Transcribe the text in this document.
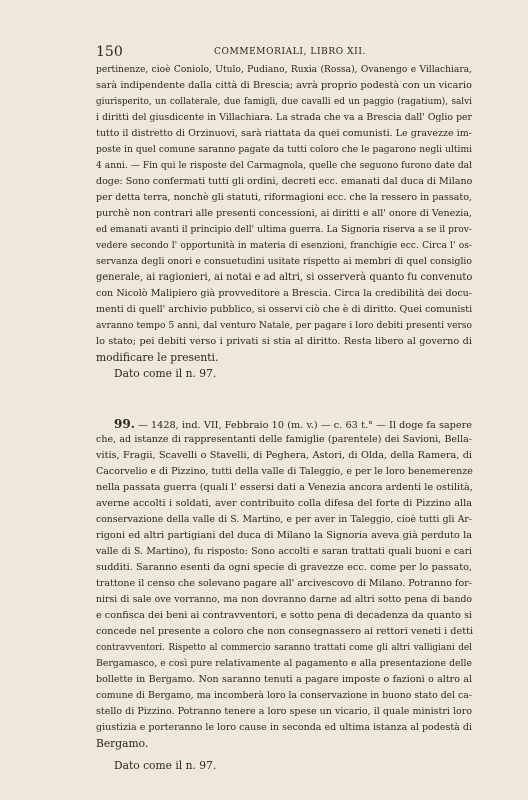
150	COMMEMORIALI, LIBRO XII.
pertinenze, cioè Coniolo, Utulo, Pudiano, Ruxia (Rossa), Ovanengo e Villachiara,
sarà indipendente dalla città di Brescia; avrà proprio podestà con un vicario
giurisperito, un collaterale, due famigli, due cavalli ed un paggio (ragatium), salvi
i diritti del giusdicente in Villachiara. La strada che va a Brescia dall' Oglio per
tutto il distretto di Orzinuovi, sarà riattata da quei comunisti. Le gravezze im-
poste in quel comune saranno pagate da tutti coloro che le pagarono negli ultimi
4 anni. — Fin qui le risposte del Carmagnola, quelle che seguono furono date dal
doge: Sono confermati tutti gli ordini, decreti ecc. emanati dal duca di Milano
per detta terra, nonchè gli statuti, riformagioni ecc. che la ressero in passato,
purchè non contrari alle presenti concessioni, ai diritti e all' onore di Venezia,
ed emanati avanti il principio dell' ultima guerra. La Signoria riserva a se il prov-
vedere secondo l' opportunità in materia di esenzioni, franchigie ecc. Circa l' os-
servanza degli onori e consuetudini usitate rispetto ai membri di quel consiglio
generale, ai ragionieri, ai notai e ad altri, si osserverà quanto fu convenuto
con Nicolò Malipiero già provveditore a Brescia. Circa la credibilità dei docu-
menti di quell' archivio pubblico, si osservi ciò che è di diritto. Quei comunisti
avranno tempo 5 anni, dal venturo Natale, per pagare i loro debiti presenti verso
lo stato; pei debiti verso i privati si stia al diritto. Resta libero al governo di
modificare le presenti.
Dato come il n. 97.
99. — 1428, ind. VII, Febbraio 10 (m. v.) — c. 63 t.° — Il doge fa sapere
che, ad istanze di rappresentanti delle famiglie (parentele) dei Savioni, Bella-
vitis, Fragii, Scavelli o Stavelli, di Peghera, Astori, di Olda, della Ramera, di
Cacorvelio e di Pizzino, tutti della valle di Taleggio, e per le loro benemerenze
nella passata guerra (quali l' essersi dati a Venezia ancora ardenti le ostilità,
averne accolti i soldati, aver contribuito colla difesa del forte di Pizzino alla
conservazione della valle di S. Martino, e per aver in Taleggio, cioè tutti gli Ar-
rigoni ed altri partigiani del duca di Milano la Signoria aveva già perduto la
valle di S. Martino), fu risposto: Sono accolti e saran trattati quali buoni e cari
sudditi. Saranno esenti da ogni specie di gravezze ecc. come per lo passato,
trattone il censo che solevano pagare all' arcivescovo di Milano. Potranno for-
nirsi di sale ove vorranno, ma non dovranno darne ad altri sotto pena di bando
e confisca dei beni ai contravventori, e sotto pena di decadenza da quanto si
concede nel presente a coloro che non consegnassero ai rettori veneti i detti
contravventori. Rispetto al commercio saranno trattati come gli altri valligiani del
Bergamasco, e così pure relativamente al pagamento e alla presentazione delle
bollette in Bergamo. Non saranno tenuti a pagare imposte o fazioni o altro al
comune di Bergamo, ma incomberà loro la conservazione in buono stato del ca-
stello di Pizzino. Potranno tenere a loro spese un vicario, il quale ministri loro
giustizia e porteranno le loro cause in seconda ed ultima istanza al podestà di
Bergamo.
Dato come il n. 97.
